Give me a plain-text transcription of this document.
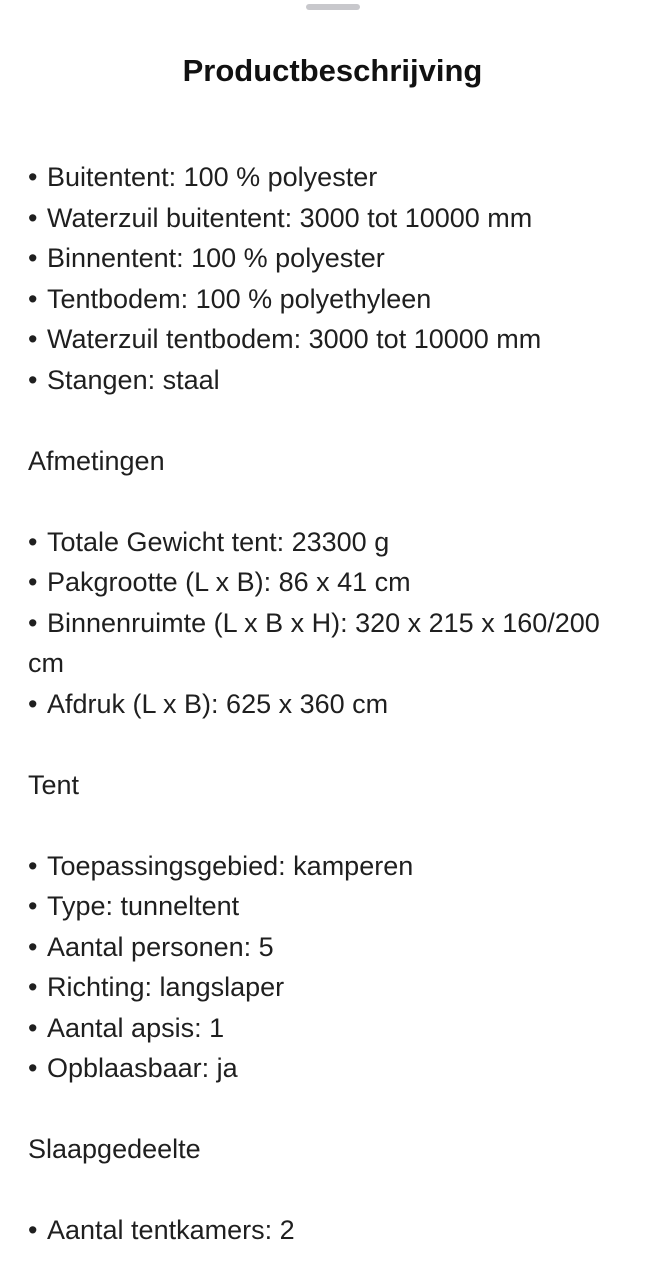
Productbeschrijving

• Buitentent: 100 % polyester

• Waterzuil buitentent: 3000 tot 10000 mm

• Binnentent: 100 % polyester

• Tentbodem: 100 % polyethyleen

• Waterzuil tentbodem: 3000 tot 10000 mm

• Stangen: staal

Afmetingen

• Totale Gewicht tent: 23300 g

• Pakgrootte (L x B): 86 x 41 cm

• Binnenruimte (L x B x H): 320 x 215 x 160/200 cm

• Afdruk (L x B): 625 x 360 cm

Tent

• Toepassingsgebied: kamperen

• Type: tunneltent

• Aantal personen: 5

• Richting: langslaper

• Aantal apsis: 1

• Opblaasbaar: ja

Slaapgedeelte

• Aantal tentkamers: 2
